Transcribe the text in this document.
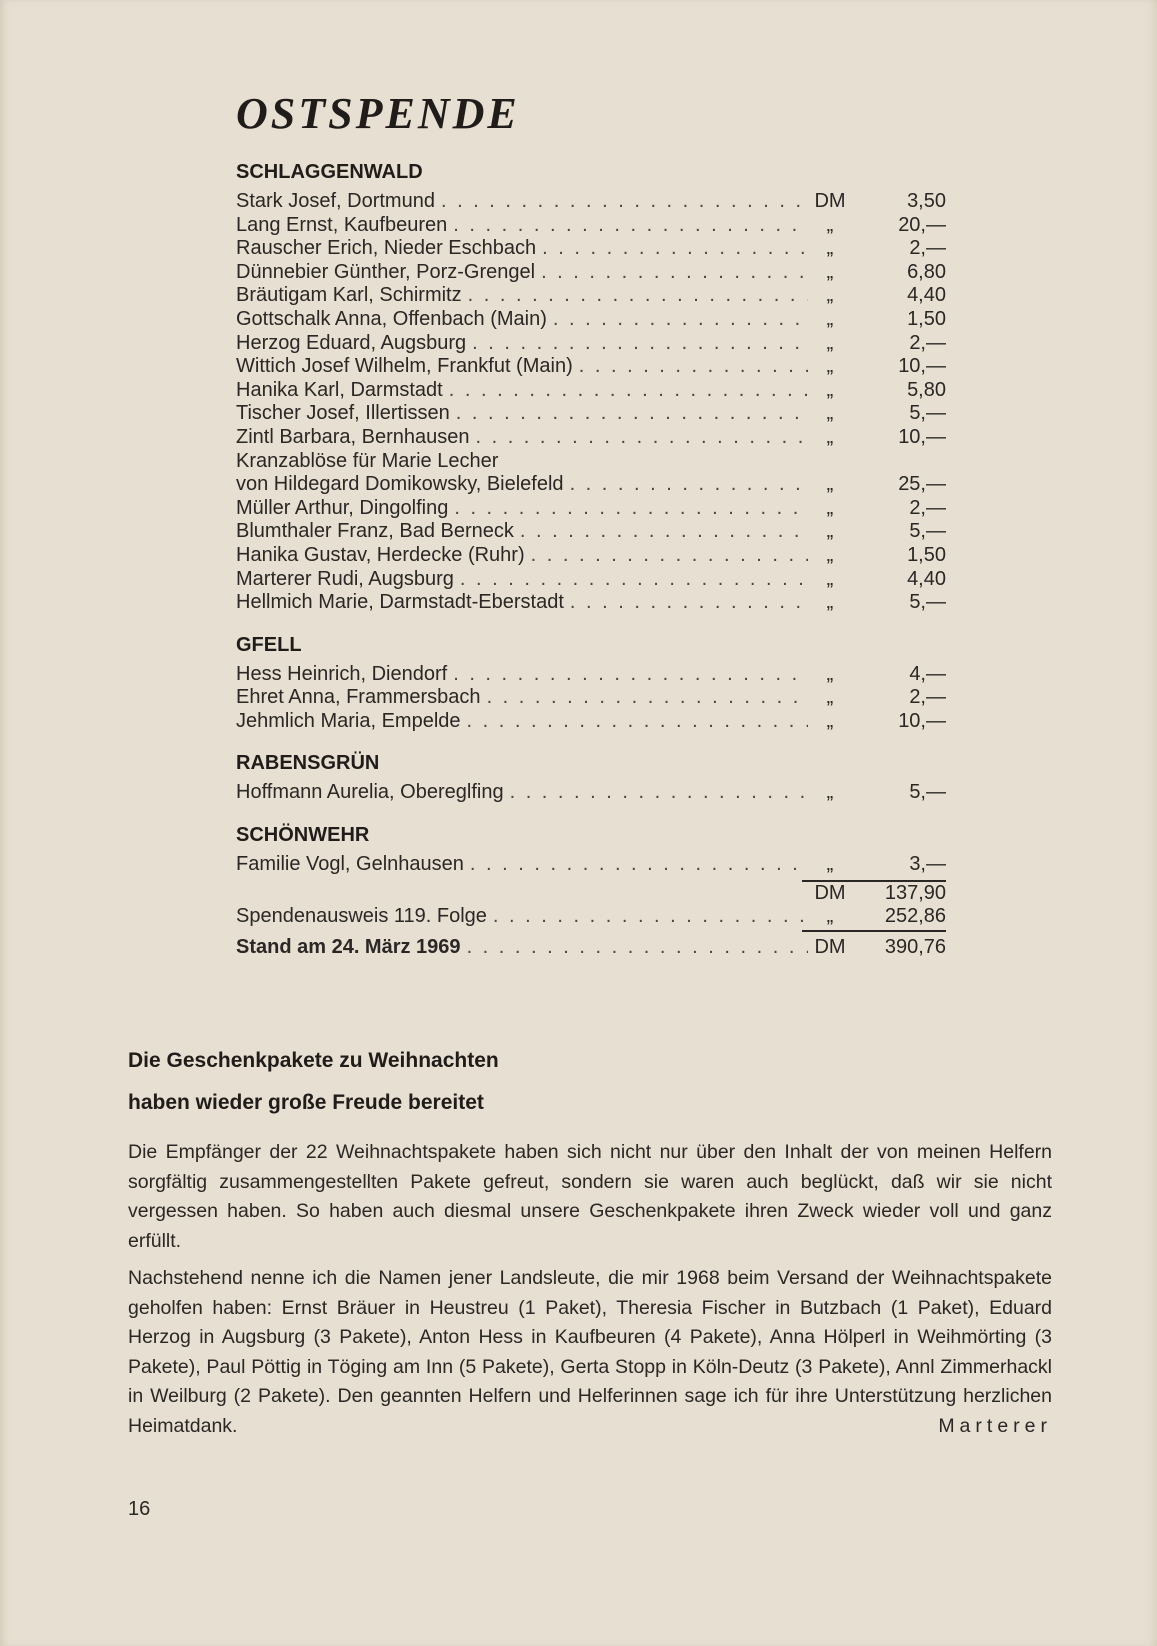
OSTSPENDE
SCHLAGGENWALD
Stark Josef, Dortmund . . .	DM	3,50
Lang Ernst, Kaufbeuren . . .	„	20,—
Rauscher Erich, Nieder Eschbach . . .	„	2,—
Dünnebier Günther, Porz-Grengel . . .	„	6,80
Bräutigam Karl, Schirmitz . . .	„	4,40
Gottschalk Anna, Offenbach (Main) . . .	„	1,50
Herzog Eduard, Augsburg . . .	„	2,—
Wittich Josef Wilhelm, Frankfut (Main) . . .	„	10,—
Hanika Karl, Darmstadt . . .	„	5,80
Tischer Josef, Illertissen . . .	„	5,—
Zintl Barbara, Bernhausen . . .	„	10,—
Kranzablöse für Marie Lecher
von Hildegard Domikowsky, Bielefeld . . .	„	25,—
Müller Arthur, Dingolfing . . .	„	2,—
Blumthaler Franz, Bad Berneck . . .	„	5,—
Hanika Gustav, Herdecke (Ruhr) . . .	„	1,50
Marterer Rudi, Augsburg . . .	„	4,40
Hellmich Marie, Darmstadt-Eberstadt . . .	„	5,—
GFELL
Hess Heinrich, Diendorf . . .	„	4,—
Ehret Anna, Frammersbach . . .	„	2,—
Jehmlich Maria, Empelde . . .	„	10,—
RABENSGRÜN
Hoffmann Aurelia, Obereglfing . . .	„	5,—
SCHÖNWEHR
Familie Vogl, Gelnhausen . . .	„	3,—
DM	137,90
Spendenausweis 119. Folge . . .	„	252,86
Stand am 24. März 1969 . . .	DM	390,76
Die Geschenkpakete zu Weihnachten
haben wieder große Freude bereitet
Die Empfänger der 22 Weihnachtspakete haben sich nicht nur über den Inhalt der von meinen Helfern sorgfältig zusammengestellten Pakete gefreut, sondern sie waren auch beglückt, daß wir sie nicht vergessen haben. So haben auch diesmal unsere Geschenkpakete ihren Zweck wieder voll und ganz erfüllt.
Nachstehend nenne ich die Namen jener Landsleute, die mir 1968 beim Versand der Weihnachtspakete geholfen haben: Ernst Bräuer in Heustreu (1 Paket), Theresia Fischer in Butzbach (1 Paket), Eduard Herzog in Augsburg (3 Pakete), Anton Hess in Kaufbeuren (4 Pakete), Anna Hölperl in Weihmörting (3 Pakete), Paul Pöttig in Töging am Inn (5 Pakete), Gerta Stopp in Köln-Deutz (3 Pakete), Annl Zimmerhackl in Weilburg (2 Pakete). Den geannten Helfern und Helferinnen sage ich für ihre Unterstützung herzlichen Heimatdank.	Marterer
16
